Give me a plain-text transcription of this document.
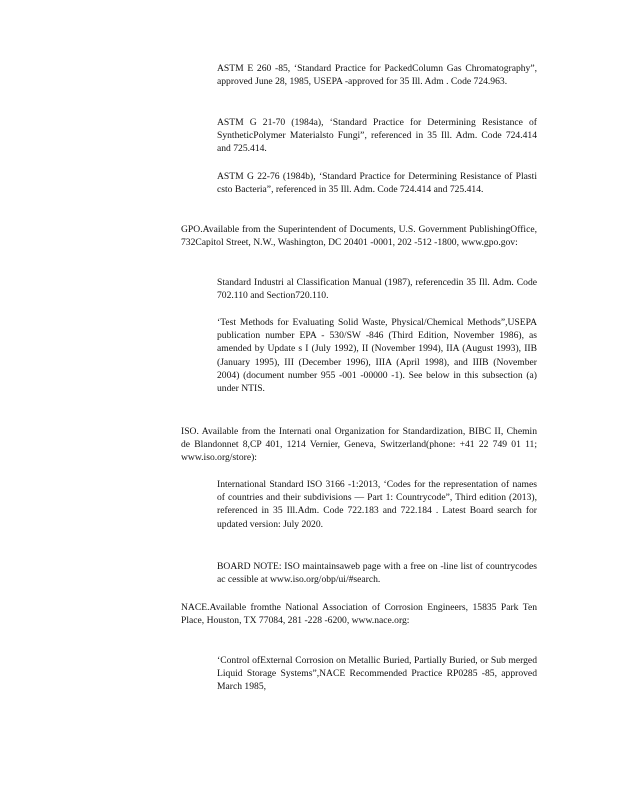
ASTM E 260 -85, ‘Standard Practice for PackedColumn Gas Chromatography”, approved June 28, 1985, USEPA -approved for 35 Ill. Adm . Code 724.963.

ASTM G 21-70 (1984a), ‘Standard Practice for Determining Resistance of SyntheticPolymer Materialsto Fungi”, referenced in 35 Ill. Adm. Code 724.414 and 725.414.

ASTM G 22-76 (1984b), ‘Standard Practice for Determining Resistance of Plasti csto Bacteria”, referenced in 35 Ill. Adm. Code 724.414 and 725.414.

GPO.Available from the Superintendent of Documents, U.S. Government PublishingOffice, 732Capitol Street, N.W., Washington, DC 20401 -0001, 202 -512 -1800, www.gpo.gov:

Standard Industri al Classification Manual (1987), referencedin 35 Ill. Adm. Code 702.110 and Section720.110.

‘Test Methods for Evaluating Solid Waste, Physical/Chemical Methods”,USEPA publication number EPA - 530/SW -846 (Third Edition, November 1986), as amended by Update s I (July 1992), II (November 1994), IIA (August 1993), IIB (January 1995), III (December 1996), IIIA (April 1998), and IIIB (November 2004) (document number 955 -001 -00000 -1). See below in this subsection (a) under NTIS.

ISO. Available from the Internati onal Organization for Standardization, BIBC II, Chemin de Blandonnet 8,CP 401, 1214 Vernier, Geneva, Switzerland(phone: +41 22 749 01 11; www.iso.org/store):

International Standard ISO 3166 -1:2013, ‘Codes for the representation of names of countries and their subdivisions — Part 1: Countrycode”, Third edition (2013), referenced in 35 Ill.Adm. Code 722.183 and 722.184 . Latest Board search for updated version: July 2020.

BOARD NOTE: ISO maintainsaweb page with a free on -line list of countrycodes ac cessible at www.iso.org/obp/ui/#search.

NACE.Available fromthe National Association of Corrosion Engineers, 15835 Park Ten Place, Houston, TX 77084, 281 -228 -6200, www.nace.org:

‘Control ofExternal Corrosion on Metallic Buried, Partially Buried, or Sub merged Liquid Storage Systems”,NACE Recommended Practice RP0285 -85, approved March 1985,
